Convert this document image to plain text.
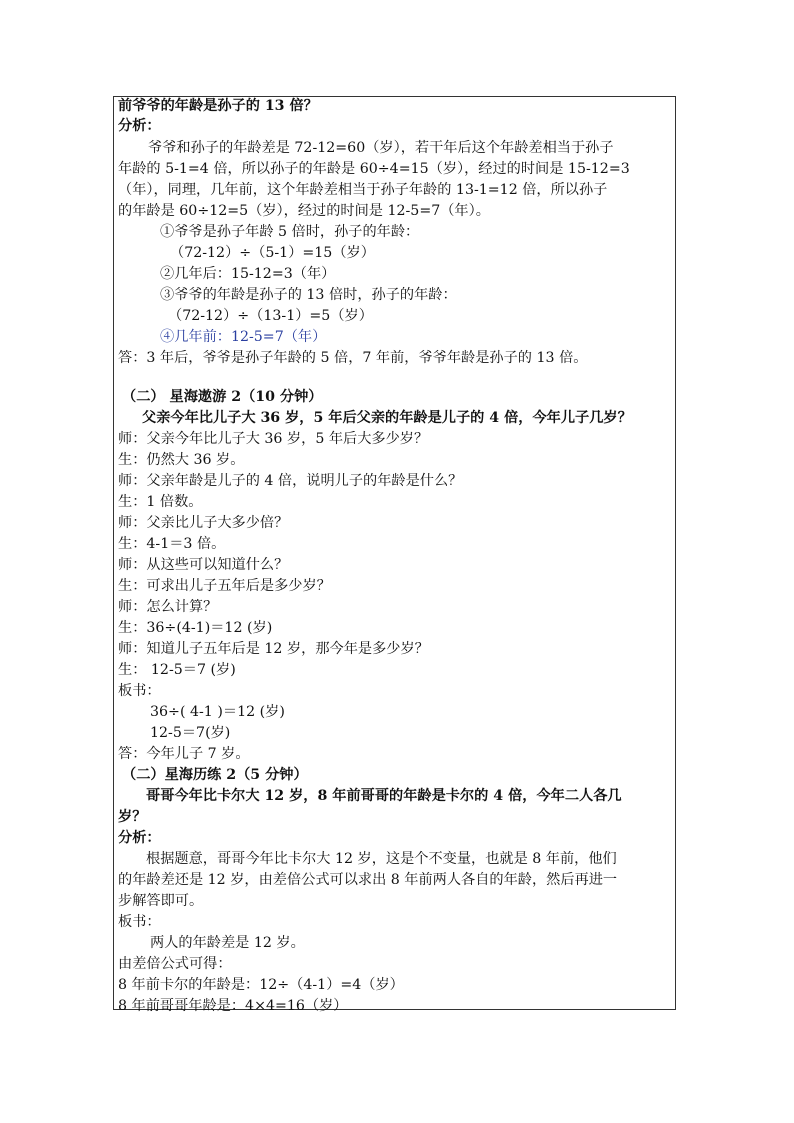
前爷爷的年龄是孙子的 13 倍？
分析：
爷爷和孙子的年龄差是 72-12=60（岁），若干年后这个年龄差相当于孙子
年龄的 5-1=4 倍，所以孙子的年龄是 60÷4=15（岁），经过的时间是 15-12=3
（年），同理，几年前，这个年龄差相当于孙子年龄的 13-1=12 倍，所以孙子
的年龄是 60÷12=5（岁），经过的时间是 12-5=7（年）。
①爷爷是孙子年龄 5 倍时，孙子的年龄：
（72-12）÷（5-1）=15（岁）
②几年后：15-12=3（年）
③爷爷的年龄是孙子的 13 倍时，孙子的年龄：
（72-12）÷（13-1）=5（岁）
④几年前：12-5=7（年）
答：3 年后，爷爷是孙子年龄的 5 倍，7 年前，爷爷年龄是孙子的 13 倍。
（二） 星海遨游 2（10 分钟）
父亲今年比儿子大 36 岁，5 年后父亲的年龄是儿子的 4 倍，今年儿子几岁？
师：父亲今年比儿子大 36 岁，5 年后大多少岁？
生：仍然大 36 岁。
师：父亲年龄是儿子的 4 倍，说明儿子的年龄是什么？
生：1 倍数。
师：父亲比儿子大多少倍？
生：4-1＝3 倍。
师：从这些可以知道什么？
生：可求出儿子五年后是多少岁？
师：怎么计算？
生：36÷(4-1)＝12 (岁)
师：知道儿子五年后是 12 岁，那今年是多少岁？
生： 12-5＝7 (岁)
板书：
36÷( 4-1 )＝12 (岁)
12-5＝7(岁)
答：今年儿子 7 岁。
（二）星海历练 2（5 分钟）
哥哥今年比卡尔大 12 岁，8 年前哥哥的年龄是卡尔的 4 倍，今年二人各几
岁？
分析：
根据题意，哥哥今年比卡尔大 12 岁，这是个不变量，也就是 8 年前，他们
的年龄差还是 12 岁，由差倍公式可以求出 8 年前两人各自的年龄，然后再进一
步解答即可。
板书：
两人的年龄差是 12 岁。
由差倍公式可得：
8 年前卡尔的年龄是：12÷（4-1）=4（岁）
8 年前哥哥年龄是：4×4=16（岁）
